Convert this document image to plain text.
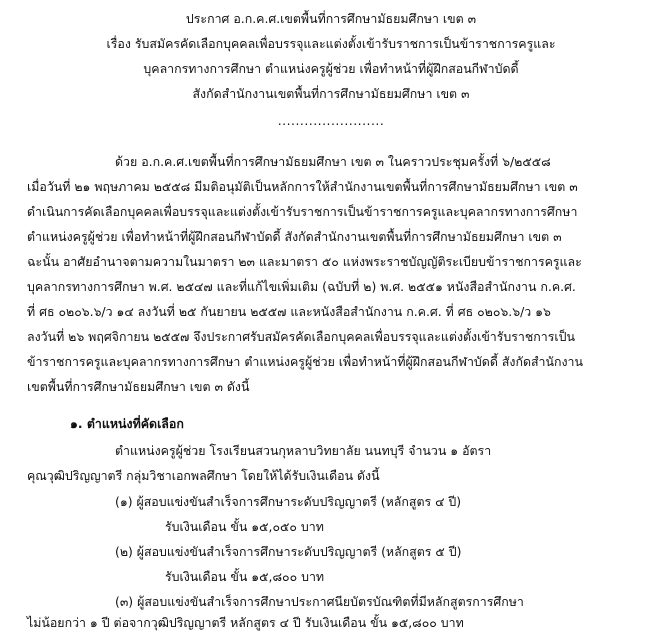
ประกาศ อ.ก.ค.ศ.เขตพื้นที่การศึกษามัธยมศึกษา เขต ๓
เรื่อง รับสมัครคัดเลือกบุคคลเพื่อบรรจุและแต่งตั้งเข้ารับราชการเป็นข้าราชการครูและ
บุคลากรทางการศึกษา ตำแหน่งครูผู้ช่วย เพื่อทำหน้าที่ผู้ฝึกสอนกีฬาบัดดี้
สังกัดสำนักงานเขตพื้นที่การศึกษามัธยมศึกษา เขต ๓
........................
ด้วย อ.ก.ค.ศ.เขตพื้นที่การศึกษามัธยมศึกษา เขต ๓ ในคราวประชุมครั้งที่ ๖/๒๕๕๘
เมื่อวันที่ ๒๑ พฤษภาคม ๒๕๕๘ มีมติอนุมัติเป็นหลักการให้สำนักงานเขตพื้นที่การศึกษามัธยมศึกษา เขต ๓
ดำเนินการคัดเลือกบุคคลเพื่อบรรจุและแต่งตั้งเข้ารับราชการเป็นข้าราชการครูและบุคลากรทางการศึกษา
ตำแหน่งครูผู้ช่วย เพื่อทำหน้าที่ผู้ฝึกสอนกีฬาบัดดี้ สังกัดสำนักงานเขตพื้นที่การศึกษามัธยมศึกษา เขต ๓
ฉะนั้น อาศัยอำนาจตามความในมาตรา ๒๓ และมาตรา ๕๐ แห่งพระราชบัญญัติระเบียบข้าราชการครูและ
บุคลากรทางการศึกษา พ.ศ. ๒๕๔๗ และที่แก้ไขเพิ่มเติม (ฉบับที่ ๒) พ.ศ. ๒๕๕๑ หนังสือสำนักงาน ก.ค.ศ.
ที่ ศธ ๐๒๐๖.๖/ว ๑๔ ลงวันที่ ๒๕ กันยายน ๒๕๕๗ และหนังสือสำนักงาน ก.ค.ศ. ที่ ศธ ๐๒๐๖.๖/ว ๑๖
ลงวันที่ ๒๖ พฤศจิกายน ๒๕๕๗ จึงประกาศรับสมัครคัดเลือกบุคคลเพื่อบรรจุและแต่งตั้งเข้ารับราชการเป็น
ข้าราชการครูและบุคลากรทางการศึกษา ตำแหน่งครูผู้ช่วย เพื่อทำหน้าที่ผู้ฝึกสอนกีฬาบัดดี้ สังกัดสำนักงาน
เขตพื้นที่การศึกษามัธยมศึกษา เขต ๓ ดังนี้
๑. ตำแหน่งที่คัดเลือก
ตำแหน่งครูผู้ช่วย โรงเรียนสวนกุหลาบวิทยาลัย นนทบุรี จำนวน ๑ อัตรา
คุณวุฒิปริญญาตรี กลุ่มวิชาเอกพลศึกษา โดยให้ได้รับเงินเดือน ดังนี้
(๑) ผู้สอบแข่งขันสำเร็จการศึกษาระดับปริญญาตรี (หลักสูตร ๔ ปี)
รับเงินเดือน ขั้น ๑๕,๐๕๐ บาท
(๒) ผู้สอบแข่งขันสำเร็จการศึกษาระดับปริญญาตรี (หลักสูตร ๕ ปี)
รับเงินเดือน ขั้น ๑๕,๘๐๐ บาท
(๓) ผู้สอบแข่งขันสำเร็จการศึกษาประกาศนียบัตรบัณฑิตที่มีหลักสูตรการศึกษา
ไม่น้อยกว่า ๑ ปี ต่อจากวุฒิปริญญาตรี หลักสูตร ๔ ปี รับเงินเดือน ขั้น ๑๕,๘๐๐ บาท
